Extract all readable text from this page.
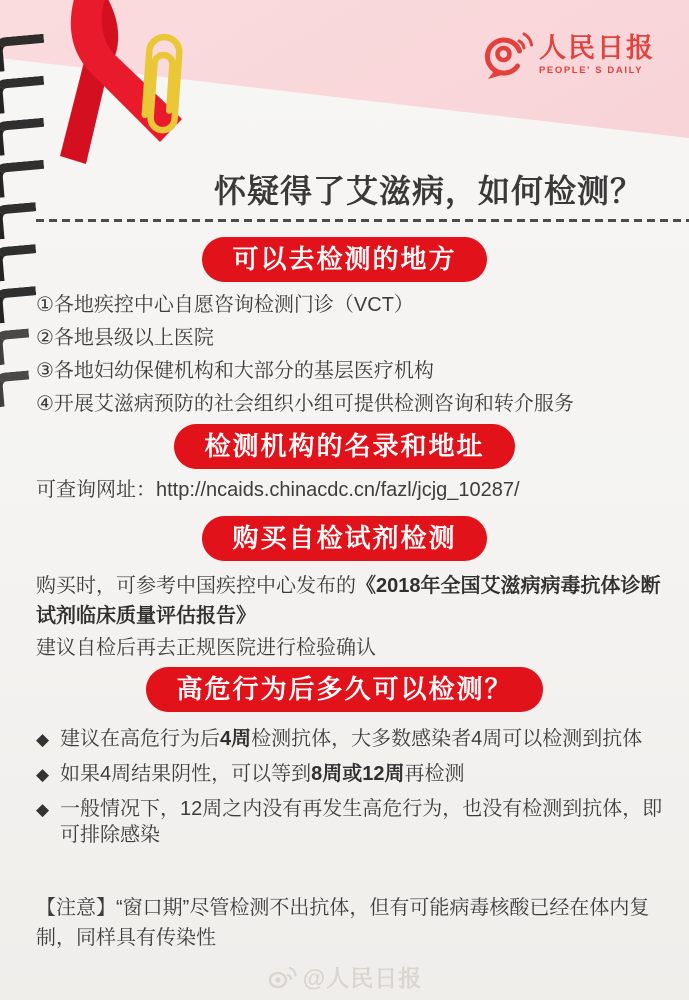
人民日报
PEOPLE' S DAILY
怀疑得了艾滋病，如何检测？
可以去检测的地方
①各地疾控中心自愿咨询检测门诊（VCT）
②各地县级以上医院
③各地妇幼保健机构和大部分的基层医疗机构
④开展艾滋病预防的社会组织小组可提供检测咨询和转介服务
检测机构的名录和地址
可查询网址：http://ncaids.chinacdc.cn/fazl/jcjg_10287/
购买自检试剂检测

购买时，可参考中国疾控中心发布的《2018年全国艾滋病病毒抗体诊断试剂临床质量评估报告》

建议自检后再去正规医院进行检验确认

高危行为后多久可以检测？
◆ 建议在高危行为后4周检测抗体，大多数感染者4周可以检测到抗体
◆ 如果4周结果阴性，可以等到8周或12周再检测
◆ 一般情况下，12周之内没有再发生高危行为，也没有检测到抗体，即可排除感染
【注意】“窗口期”尽管检测不出抗体，但有可能病毒核酸已经在体内复制，同样具有传染性
@人民日报
